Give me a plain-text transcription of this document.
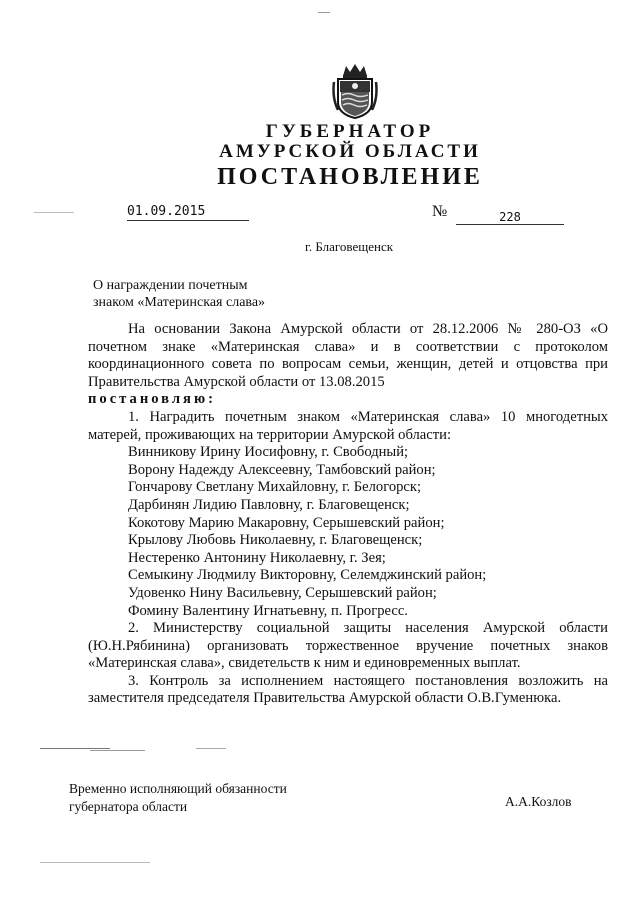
ГУБЕРНАТОР
АМУРСКОЙ ОБЛАСТИ
ПОСТАНОВЛЕНИЕ
01.09.2015	№	228
г. Благовещенск
О награждении почетным
знаком «Материнская слава»

На основании Закона Амурской области от 28.12.2006 № 280-ОЗ «О

почетном знаке «Материнская слава» и в соответствии с протоколом

координационного совета по вопросам семьи, женщин, детей и отцовства при

Правительства Амурской области от 13.08.2015

постановляю:

1. Наградить почетным знаком «Материнская слава» 10 многодетных

матерей, проживающих на территории Амурской области:

Винникову Ирину Иосифовну, г. Свободный;

Ворону Надежду Алексеевну, Тамбовский район;

Гончарову Светлану Михайловну, г. Белогорск;

Дарбинян Лидию Павловну, г. Благовещенск;

Кокотову Марию Макаровну, Серышевский район;

Крылову Любовь Николаевну, г. Благовещенск;

Нестеренко Антонину Николаевну, г. Зея;

Семыкину Людмилу Викторовну, Селемджинский район;

Удовенко Нину Васильевну, Серышевский район;

Фомину Валентину Игнатьевну, п. Прогресс.

2. Министерству социальной защиты населения Амурской области

(Ю.Н.Рябинина) организовать торжественное вручение почетных знаков

«Материнская слава», свидетельств к ним и единовременных выплат.

3. Контроль за исполнением настоящего постановления возложить на

заместителя председателя Правительства Амурской области О.В.Гуменюка.

Временно исполняющий обязанности
губернатора области	А.А.Козлов
